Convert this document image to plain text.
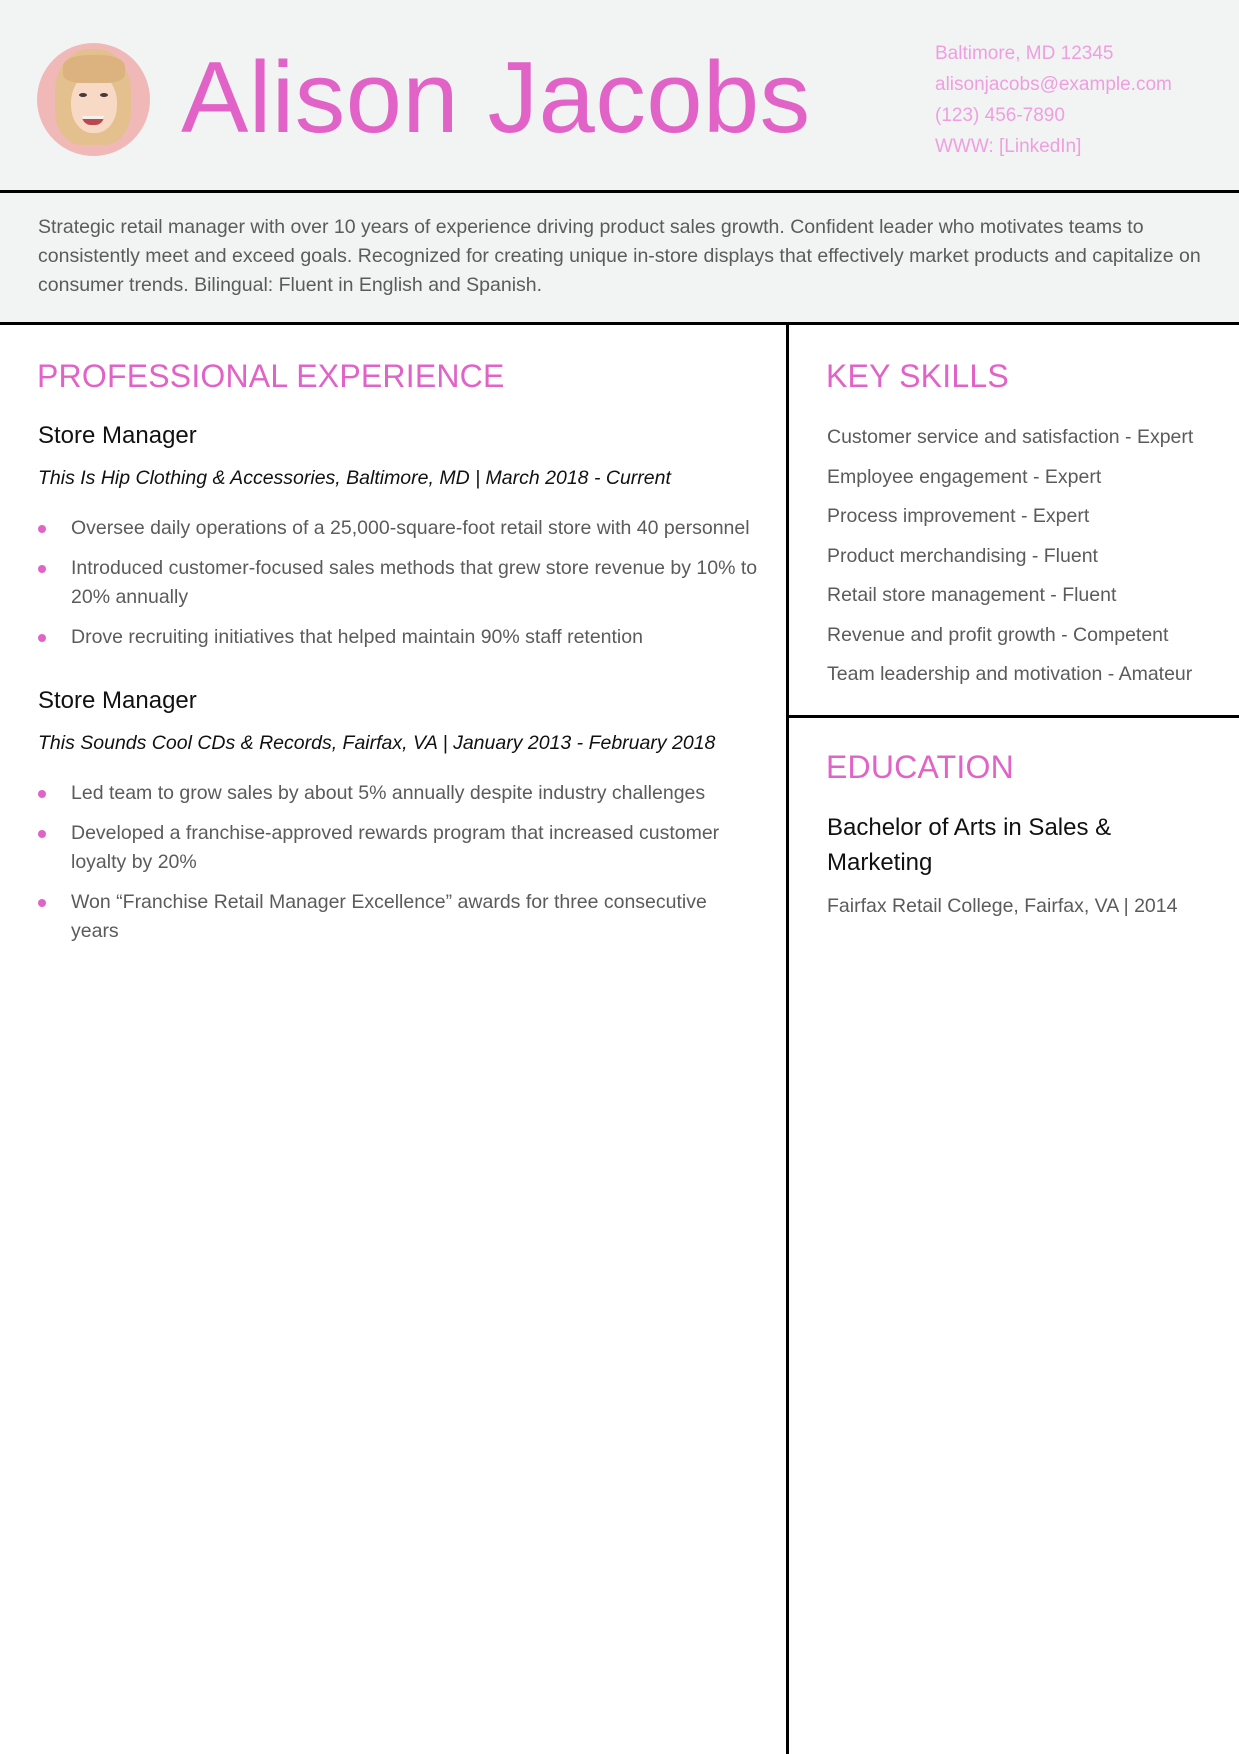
Alison Jacobs	Baltimore, MD 12345
alisonjacobs@example.com
(123) 456-7890
WWW: [LinkedIn]

Strategic retail manager with over 10 years of experience driving product sales growth. Confident leader who motivates teams to consistently meet and exceed goals. Recognized for creating unique in-store displays that effectively market products and capitalize on consumer trends. Bilingual: Fluent in English and Spanish.

PROFESSIONAL EXPERIENCE
Store Manager
This Is Hip Clothing & Accessories, Baltimore, MD | March 2018 - Current
Oversee daily operations of a 25,000-square-foot retail store with 40 personnel
Introduced customer-focused sales methods that grew store revenue by 10% to 20% annually
Drove recruiting initiatives that helped maintain 90% staff retention
Store Manager
This Sounds Cool CDs & Records, Fairfax, VA | January 2013 - February 2018
Led team to grow sales by about 5% annually despite industry challenges
Developed a franchise-approved rewards program that increased customer loyalty by 20%
Won “Franchise Retail Manager Excellence” awards for three consecutive years
KEY SKILLS
Customer service and satisfaction - Expert
Employee engagement - Expert
Process improvement - Expert
Product merchandising - Fluent
Retail store management - Fluent
Revenue and profit growth - Competent
Team leadership and motivation - Amateur
EDUCATION
Bachelor of Arts in Sales & Marketing
Fairfax Retail College, Fairfax, VA | 2014
